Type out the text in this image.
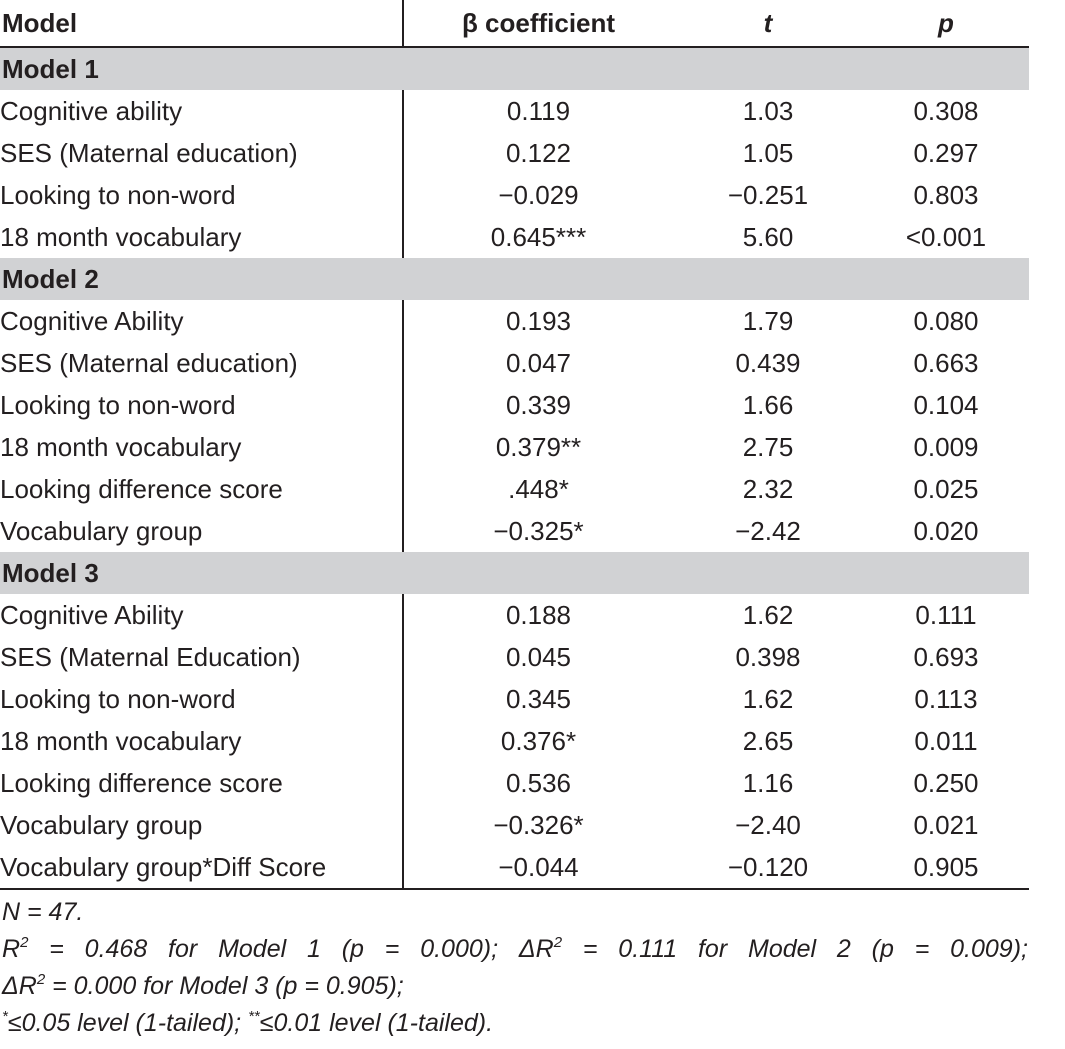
Model	β coefficient	t	p
Model 1			
Cognitive ability	0.119	1.03	0.308
SES (Maternal education)	0.122	1.05	0.297
Looking to non-word	−0.029	−0.251	0.803
18 month vocabulary	0.645***	5.60	<0.001
Model 2			
Cognitive Ability	0.193	1.79	0.080
SES (Maternal education)	0.047	0.439	0.663
Looking to non-word	0.339	1.66	0.104
18 month vocabulary	0.379**	2.75	0.009
Looking difference score	.448*	2.32	0.025
Vocabulary group	−0.325*	−2.42	0.020
Model 3			
Cognitive Ability	0.188	1.62	0.111
SES (Maternal Education)	0.045	0.398	0.693
Looking to non-word	0.345	1.62	0.113
18 month vocabulary	0.376*	2.65	0.011
Looking difference score	0.536	1.16	0.250
Vocabulary group	−0.326*	−2.40	0.021
Vocabulary group*Diff Score	−0.044	−0.120	0.905
N = 47.
$R^2 = 0.468$ for Model 1 (p = 0.000); $\Delta R^2 = 0.111$ for Model 2 (p = 0.009);
$\Delta R^2 = 0.000$ for Model 3 (p = 0.905);
*≤0.05 level (1-tailed); **≤0.01 level (1-tailed).
